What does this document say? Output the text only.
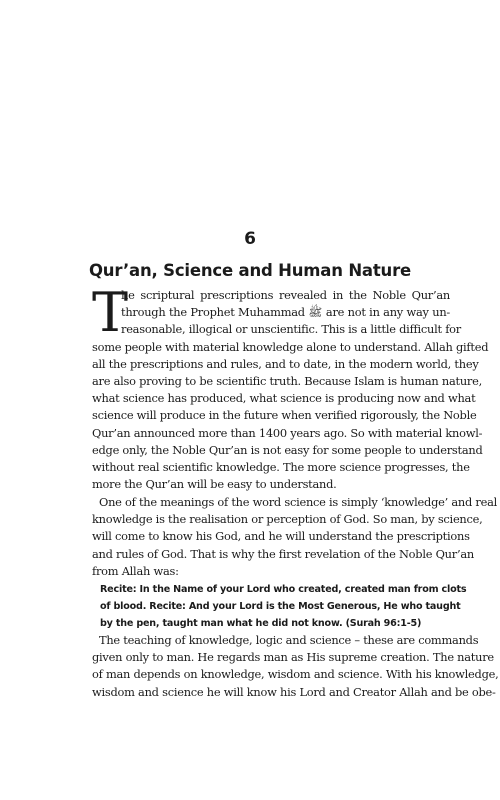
6
Qur’an, Science and Human Nature
T
he scriptural prescriptions revealed in the Noble Qur’an
through the Prophet Muhammad ﷺ are not in any way un-
reasonable, illogical or unscientific. This is a little difficult for
some people with material knowledge alone to understand. Allah gifted
all the prescriptions and rules, and to date, in the modern world, they
are also proving to be scientific truth. Because Islam is human nature,
what science has produced, what science is producing now and what
science will produce in the future when verified rigorously, the Noble
Qur’an announced more than 1400 years ago. So with material knowl-
edge only, the Noble Qur’an is not easy for some people to understand
without real scientific knowledge. The more science progresses, the
more the Qur’an will be easy to understand.
One of the meanings of the word science is simply ‘knowledge’ and real
knowledge is the realisation or perception of God. So man, by science,
will come to know his God, and he will understand the prescriptions
and rules of God. That is why the first revelation of the Noble Qur’an
from Allah was:
Recite: In the Name of your Lord who created, created man from clots
of blood. Recite: And your Lord is the Most Generous, He who taught
by the pen, taught man what he did not know. (Surah 96:1-5)
The teaching of knowledge, logic and science – these are commands
given only to man. He regards man as His supreme creation. The nature
of man depends on knowledge, wisdom and science. With his knowledge,
wisdom and science he will know his Lord and Creator Allah and be obe-
